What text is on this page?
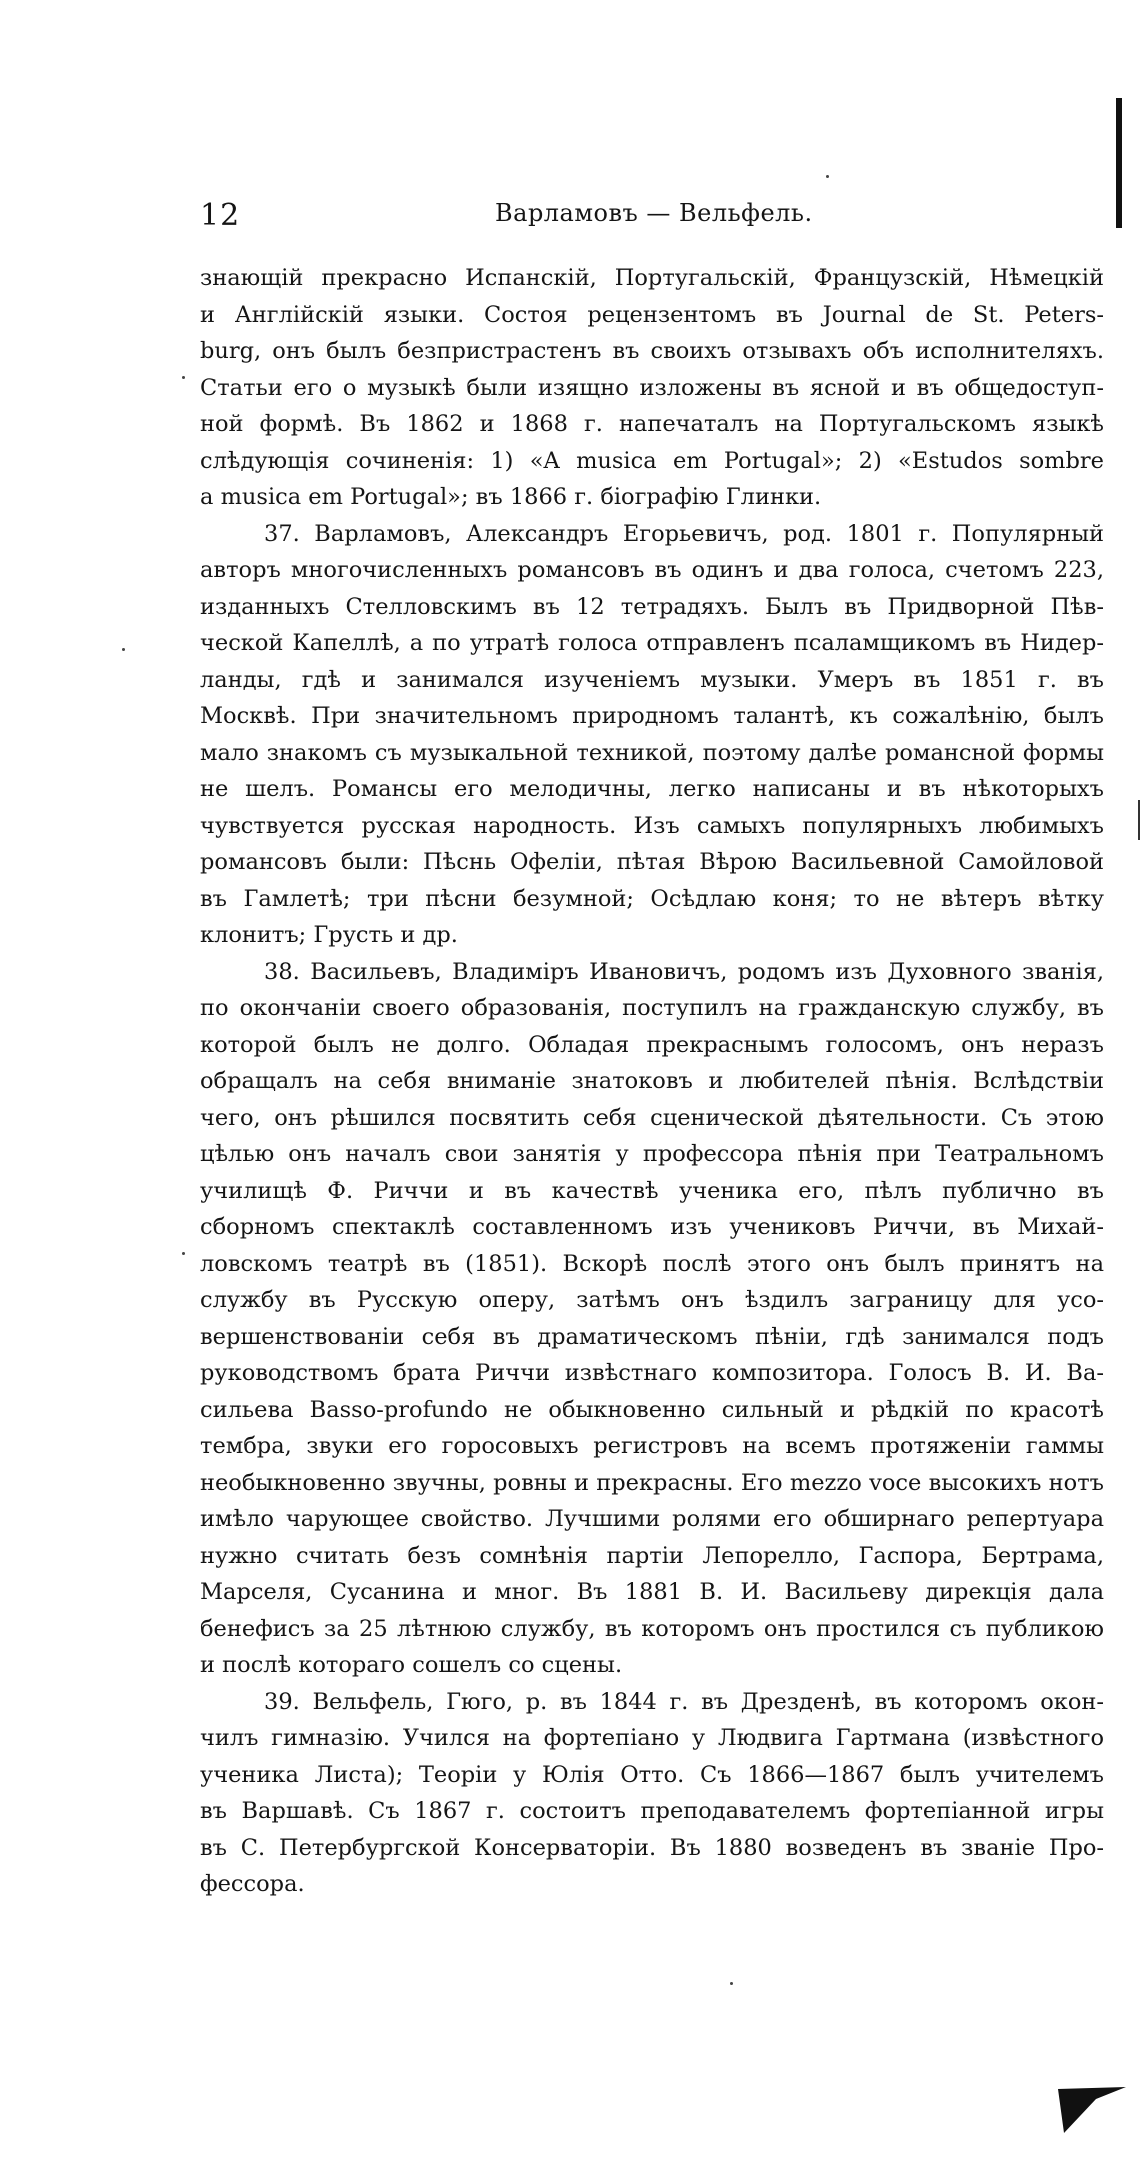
12	Варламовъ — Вельфель.
знающій прекрасно Испанскій, Португальскій, Французскій, Нѣмецкій
и Англійскій языки. Состоя рецензентомъ въ Journal de St. Peters-
burg, онъ былъ безпристрастенъ въ своихъ отзывахъ объ исполнителяхъ.
Статьи его о музыкѣ были изящно изложены въ ясной и въ общедоступ-
ной формѣ. Въ 1862 и 1868 г. напечаталъ на Португальскомъ языкѣ
слѣдующія сочиненія: 1) «A musica em Portugal»; 2) «Estudos sombre
a musica em Portugal»; въ 1866 г. біографію Глинки.
37. Варламовъ, Александръ Егорьевичъ, род. 1801 г. Популярный
авторъ многочисленныхъ романсовъ въ одинъ и два голоса, счетомъ 223,
изданныхъ Стелловскимъ въ 12 тетрадяхъ. Былъ въ Придворной Пѣв-
ческой Капеллѣ, а по утратѣ голоса отправленъ псаламщикомъ въ Нидер-
ланды, гдѣ и занимался изученіемъ музыки. Умеръ въ 1851 г. въ
Москвѣ. При значительномъ природномъ талантѣ, къ сожалѣнію, былъ
мало знакомъ съ музыкальной техникой, поэтому далѣе романсной формы
не шелъ. Романсы его мелодичны, легко написаны и въ нѣкоторыхъ
чувствуется русская народность. Изъ самыхъ популярныхъ любимыхъ
романсовъ были: Пѣснь Офеліи, пѣтая Вѣрою Васильевной Самойловой
въ Гамлетѣ; три пѣсни безумной; Осѣдлаю коня; то не вѣтеръ вѣтку
клонитъ; Грусть и др.
38. Васильевъ, Владиміръ Ивановичъ, родомъ изъ Духовного званія,
по окончаніи своего образованія, поступилъ на гражданскую службу, въ
которой былъ не долго. Обладая прекраснымъ голосомъ, онъ неразъ
обращалъ на себя вниманіе знатоковъ и любителей пѣнія. Вслѣдствіи
чего, онъ рѣшился посвятить себя сценической дѣятельности. Съ этою
цѣлью онъ началъ свои занятія у профессора пѣнія при Театральномъ
училищѣ Ф. Риччи и въ качествѣ ученика его, пѣлъ публично въ
сборномъ спектаклѣ составленномъ изъ учениковъ Риччи, въ Михай-
ловскомъ театрѣ въ (1851). Вскорѣ послѣ этого онъ былъ принятъ на
службу въ Русскую оперу, затѣмъ онъ ѣздилъ заграницу для усо-
вершенствованіи себя въ драматическомъ пѣніи, гдѣ занимался подъ
руководствомъ брата Риччи извѣстнаго композитора. Голосъ В. И. Ва-
сильева Basso-profundo не обыкновенно сильный и рѣдкій по красотѣ
тембра, звуки его горосовыхъ регистровъ на всемъ протяженіи гаммы
необыкновенно звучны, ровны и прекрасны. Его mezzo voce высокихъ нотъ
имѣло чарующее свойство. Лучшими ролями его обширнаго репертуара
нужно считать безъ сомнѣнія партіи Лепорелло, Гаспора, Бертрама,
Марселя, Сусанина и мног. Въ 1881 В. И. Васильеву дирекція дала
бенефисъ за 25 лѣтнюю службу, въ которомъ онъ простился съ публикою
и послѣ котораго сошелъ со сцены.
39. Вельфель, Гюго, р. въ 1844 г. въ Дрезденѣ, въ которомъ окон-
чилъ гимназію. Учился на фортепіано у Людвига Гартмана (извѣстного
ученика Листа); Теоріи у Юлія Отто. Съ 1866—1867 былъ учителемъ
въ Варшавѣ. Съ 1867 г. состоитъ преподавателемъ фортепіанной игры
въ С. Петербургской Консерваторіи. Въ 1880 возведенъ въ званіе Про-
фессора.
